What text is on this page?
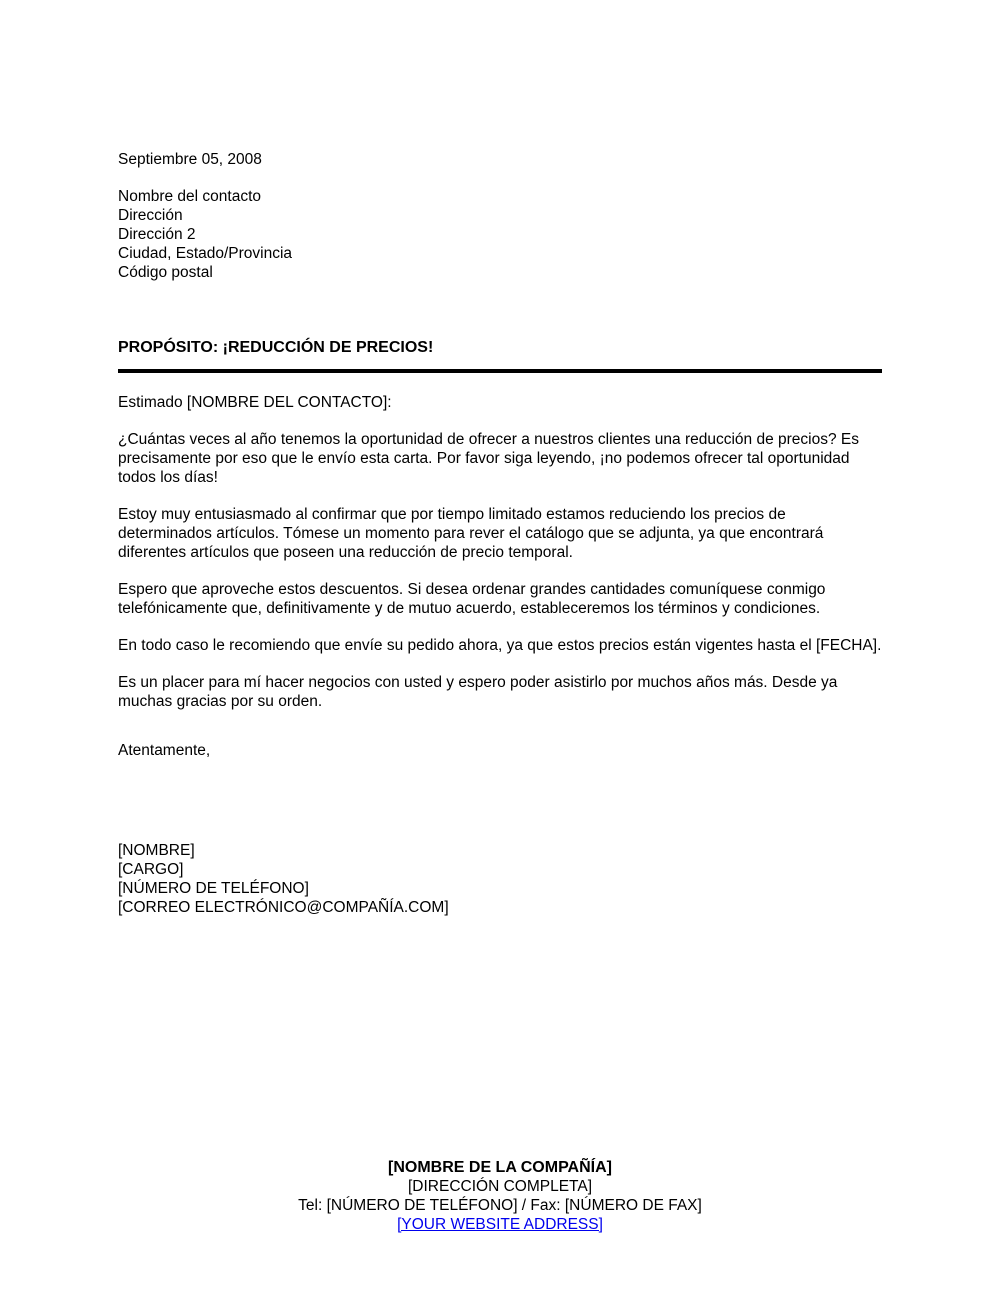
Septiembre 05, 2008
Nombre del contacto
Dirección
Dirección 2
Ciudad, Estado/Provincia
Código postal
PROPÓSITO: ¡REDUCCIÓN DE PRECIOS!
Estimado [NOMBRE DEL CONTACTO]:

¿Cuántas veces al año tenemos la oportunidad de ofrecer a nuestros clientes una reducción de precios? Es precisamente por eso que le envío esta carta. Por favor siga leyendo, ¡no podemos ofrecer tal oportunidad todos los días!

Estoy muy entusiasmado al confirmar que por tiempo limitado estamos reduciendo los precios de determinados artículos. Tómese un momento para rever el catálogo que se adjunta, ya que encontrará diferentes artículos que poseen una reducción de precio temporal.

Espero que aproveche estos descuentos. Si desea ordenar grandes cantidades comuníquese conmigo telefónicamente que, definitivamente y de mutuo acuerdo, estableceremos los términos y condiciones.

En todo caso le recomiendo que envíe su pedido ahora, ya que estos precios están vigentes hasta el [FECHA].

Es un placer para mí hacer negocios con usted y espero poder asistirlo por muchos años más. Desde ya muchas gracias por su orden.

Atentamente,
[NOMBRE]
[CARGO]
[NÚMERO DE TELÉFONO]
[CORREO ELECTRÓNICO@COMPAÑÍA.COM]
[NOMBRE DE LA COMPAÑÍA]
[DIRECCIÓN COMPLETA]
Tel: [NÚMERO DE TELÉFONO] / Fax: [NÚMERO DE FAX]
[YOUR WEBSITE ADDRESS]
